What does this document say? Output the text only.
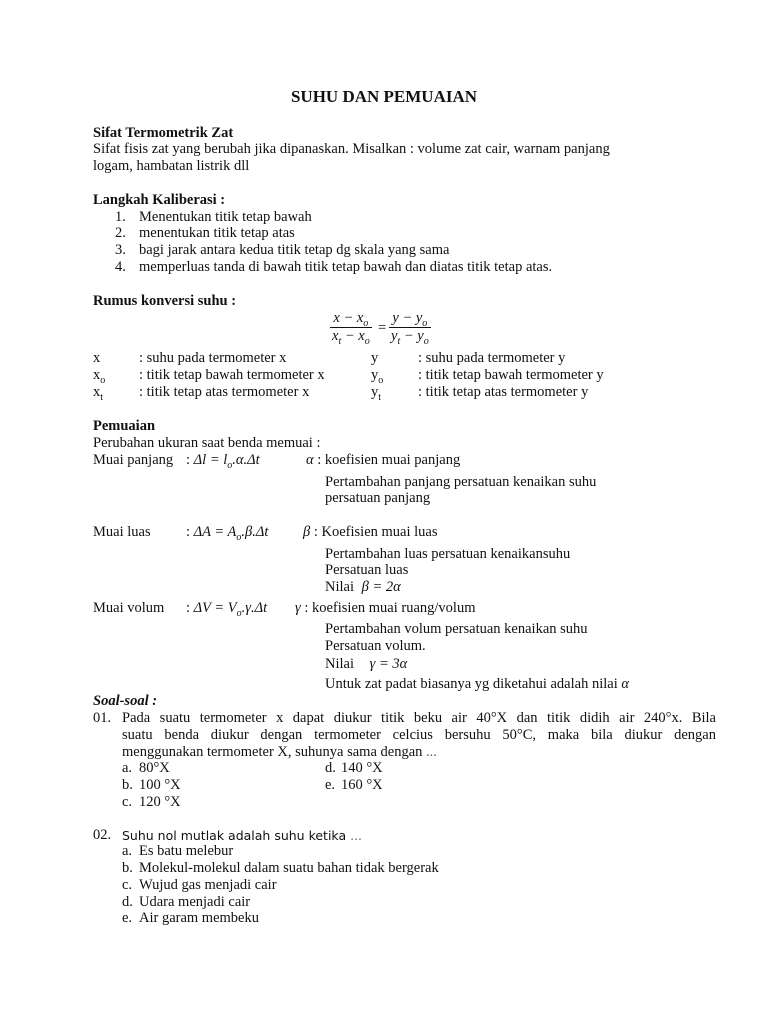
SUHU DAN PEMUAIAN
Sifat Termometrik Zat
Sifat fisis zat yang berubah jika dipanaskan. Misalkan : volume zat cair, warnam panjang
logam, hambatan listrik dll
Langkah Kaliberasi :
1. Menentukan titik tetap bawah
2. menentukan titik tetap atas
3. bagi jarak antara kedua titik tetap dg skala yang sama
4. memperluas tanda di bawah titik tetap bawah dan diatas titik tetap atas.
Rumus konversi suhu :
$\frac{x - x_o}{x_t - x_o} = \frac{y - y_o}{y_t - y_o}$
x	: suhu pada termometer x	y	: suhu pada termometer y
$x_o$ : titik tetap bawah termometer x	$y_o$ : titik tetap bawah termometer y
$x_t$ : titik tetap atas termometer x	$y_t$	: titik tetap atas termometer y
Pemuaian
Perubahan ukuran saat benda memuai :
Muai panjang : $\Delta l = l_o.\alpha.\Delta t$	α : koefisien muai panjang
Pertambahan panjang persatuan kenaikan suhu
persatuan panjang
Muai luas : $\Delta A = A_o.\beta.\Delta t$ β : Koefisien muai luas
Pertambahan luas persatuan kenaikansuhu
Persatuan luas
Nilai β = 2α
Muai volum : $\Delta V = V_o.\gamma.\Delta t$ γ : koefisien muai ruang/volum
Pertambahan volum persatuan kenaikan suhu
Persatuan volum.
Nilai γ = 3α
Untuk zat padat biasanya yg diketahui adalah nilai α
Soal-soal :
01. Pada suatu termometer x dapat diukur titik beku air 40°X dan titik didih air 240°x. Bila
suatu benda diukur dengan termometer celcius bersuhu 50°C, maka bila diukur dengan
menggunakan termometer X, suhunya sama dengan ...
a. 80°X
b. 100 °X
c. 120 °X
d. 140 °X
e. 160 °X
02. Suhu nol mutlak adalah suhu ketika ...
a. Es batu melebur
b. Molekul-molekul dalam suatu bahan tidak bergerak
c. Wujud gas menjadi cair
d. Udara menjadi cair
e. Air garam membeku
